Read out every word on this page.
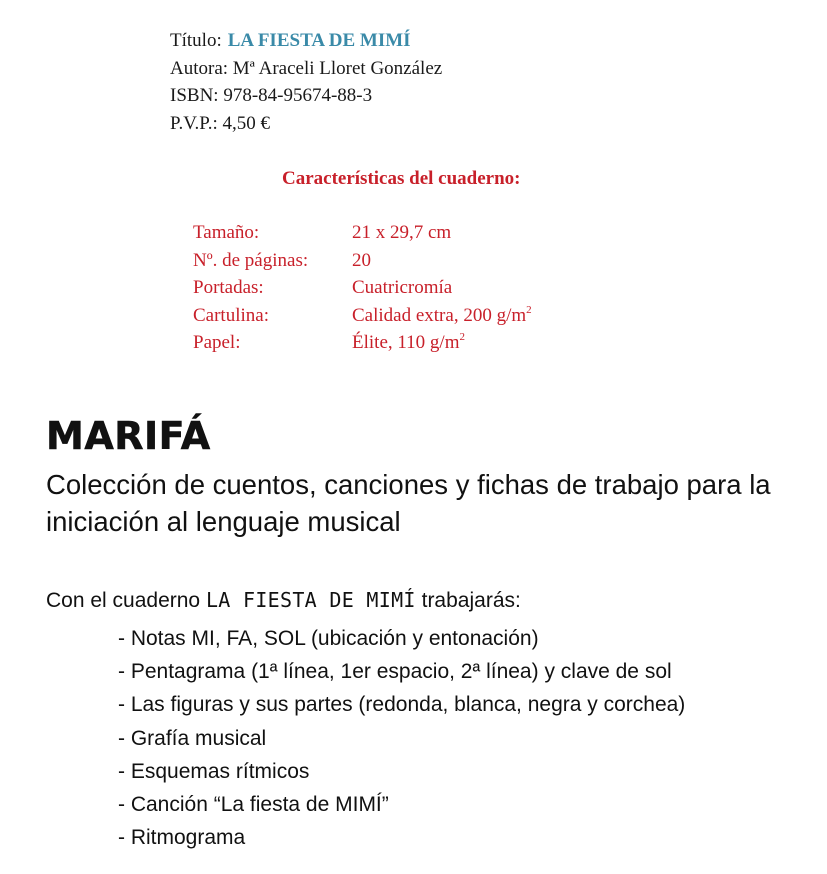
Título: LA FIESTA DE MIMÍ
Autora: Mª Araceli Lloret González
ISBN: 978-84-95674-88-3
P.V.P.: 4,50 €
Características del cuaderno:
Tamaño:	21 x 29,7 cm
Nº. de páginas:	20
Portadas:	Cuatricromía
Cartulina:	Calidad extra, 200 $g/m^2$
Papel:	Élite, 110 $g/m^2$
MARIFÁ
Colección de cuentos, canciones y fichas de trabajo para la iniciación al lenguaje musical
Con el cuaderno LA FIESTA DE MIMÍ trabajarás:
- Notas MI, FA, SOL (ubicación y entonación)
- Pentagrama (1ª línea, 1er espacio, 2ª línea) y clave de sol
- Las figuras y sus partes (redonda, blanca, negra y corchea)
- Grafía musical
- Esquemas rítmicos
- Canción “La fiesta de MIMÍ”
- Ritmograma
